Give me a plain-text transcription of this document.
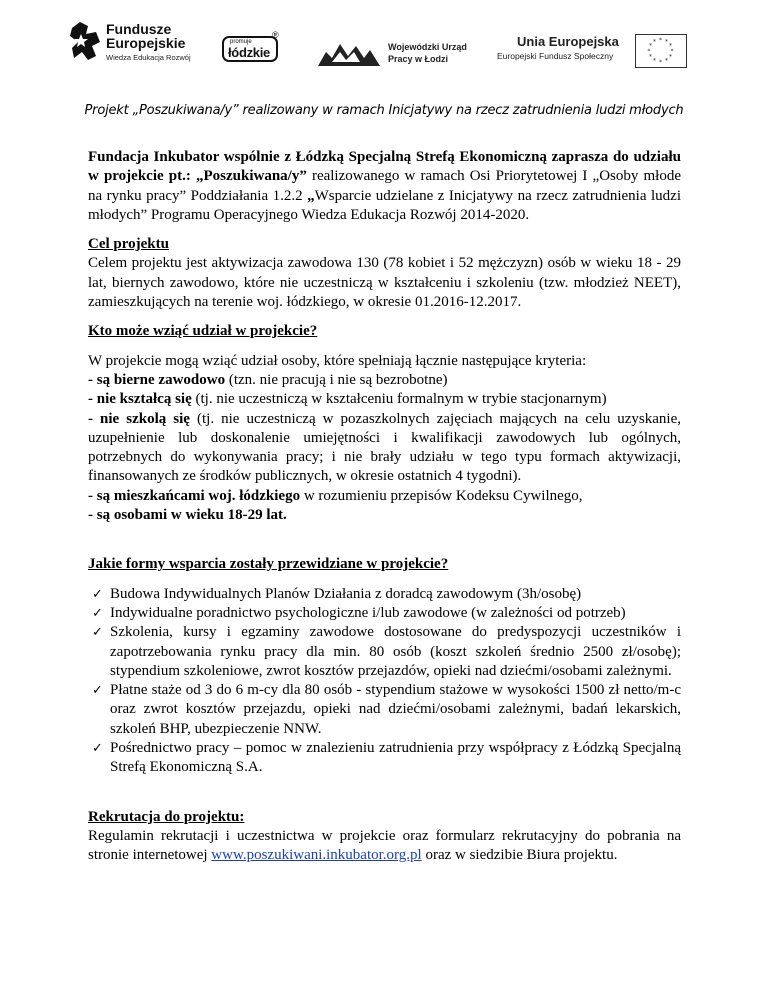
Fundusze
Europejskie
Wiedza Edukacja Rozwój
promuje
łódzkie
®
Wojewódzki Urząd
Pracy w Łodzi
Unia Europejska
Europejski Fundusz Społeczny
* *
*
*
*
*
*
*
*
*
*
*
Projekt „Poszukiwana/y” realizowany w ramach Inicjatywy na rzecz zatrudnienia ludzi młodych

Fundacja Inkubator wspólnie z Łódzką Specjalną Strefą Ekonomiczną zaprasza do udziału w projekcie pt.: „Poszukiwana/y” realizowanego w ramach Osi Priorytetowej I „Osoby młode na rynku pracy” Poddziałania 1.2.2 „Wsparcie udzielane z Inicjatywy na rzecz zatrudnienia ludzi młodych” Programu Operacyjnego Wiedza Edukacja Rozwój 2014-2020.

Cel projektu

Celem projektu jest aktywizacja zawodowa 130 (78 kobiet i 52 mężczyzn) osób w wieku 18 - 29 lat, biernych zawodowo, które nie uczestniczą w kształceniu i szkoleniu (tzw. młodzież NEET), zamieszkujących na terenie woj. łódzkiego, w okresie 01.2016-12.2017.

Kto może wziąć udział w projekcie?

W projekcie mogą wziąć udział osoby, które spełniają łącznie następujące kryteria:

- są bierne zawodowo (tzn. nie pracują i nie są bezrobotne)

- nie kształcą się (tj. nie uczestniczą w kształceniu formalnym w trybie stacjonarnym)

- nie szkolą się (tj. nie uczestniczą w pozaszkolnych zajęciach mających na celu uzyskanie, uzupełnienie lub doskonalenie umiejętności i kwalifikacji zawodowych lub ogólnych, potrzebnych do wykonywania pracy; i nie brały udziału w tego typu formach aktywizacji, finansowanych ze środków publicznych, w okresie ostatnich 4 tygodni).

- są mieszkańcami woj. łódzkiego w rozumieniu przepisów Kodeksu Cywilnego,

- są osobami w wieku 18-29 lat.

Jakie formy wsparcia zostały przewidziane w projekcie?

✓ Budowa Indywidualnych Planów Działania z doradcą zawodowym (3h/osobę)
✓ Indywidualne poradnictwo psychologiczne i/lub zawodowe (w zależności od potrzeb)
✓ Szkolenia, kursy i egzaminy zawodowe dostosowane do predyspozycji uczestników i zapotrzebowania rynku pracy dla min. 80 osób (koszt szkoleń średnio 2500 zł/osobę); stypendium szkoleniowe, zwrot kosztów przejazdów, opieki nad dziećmi/osobami zależnymi.
✓ Płatne staże od 3 do 6 m-cy dla 80 osób - stypendium stażowe w wysokości 1500 zł netto/m-c oraz zwrot kosztów przejazdu, opieki nad dziećmi/osobami zależnymi, badań lekarskich, szkoleń BHP, ubezpieczenie NNW.
✓ Pośrednictwo pracy – pomoc w znalezieniu zatrudnienia przy współpracy z Łódzką Specjalną Strefą Ekonomiczną S.A.

Rekrutacja do projektu:

Regulamin rekrutacji i uczestnictwa w projekcie oraz formularz rekrutacyjny do pobrania na stronie internetowej www.poszukiwani.inkubator.org.pl oraz w siedzibie Biura projektu.
